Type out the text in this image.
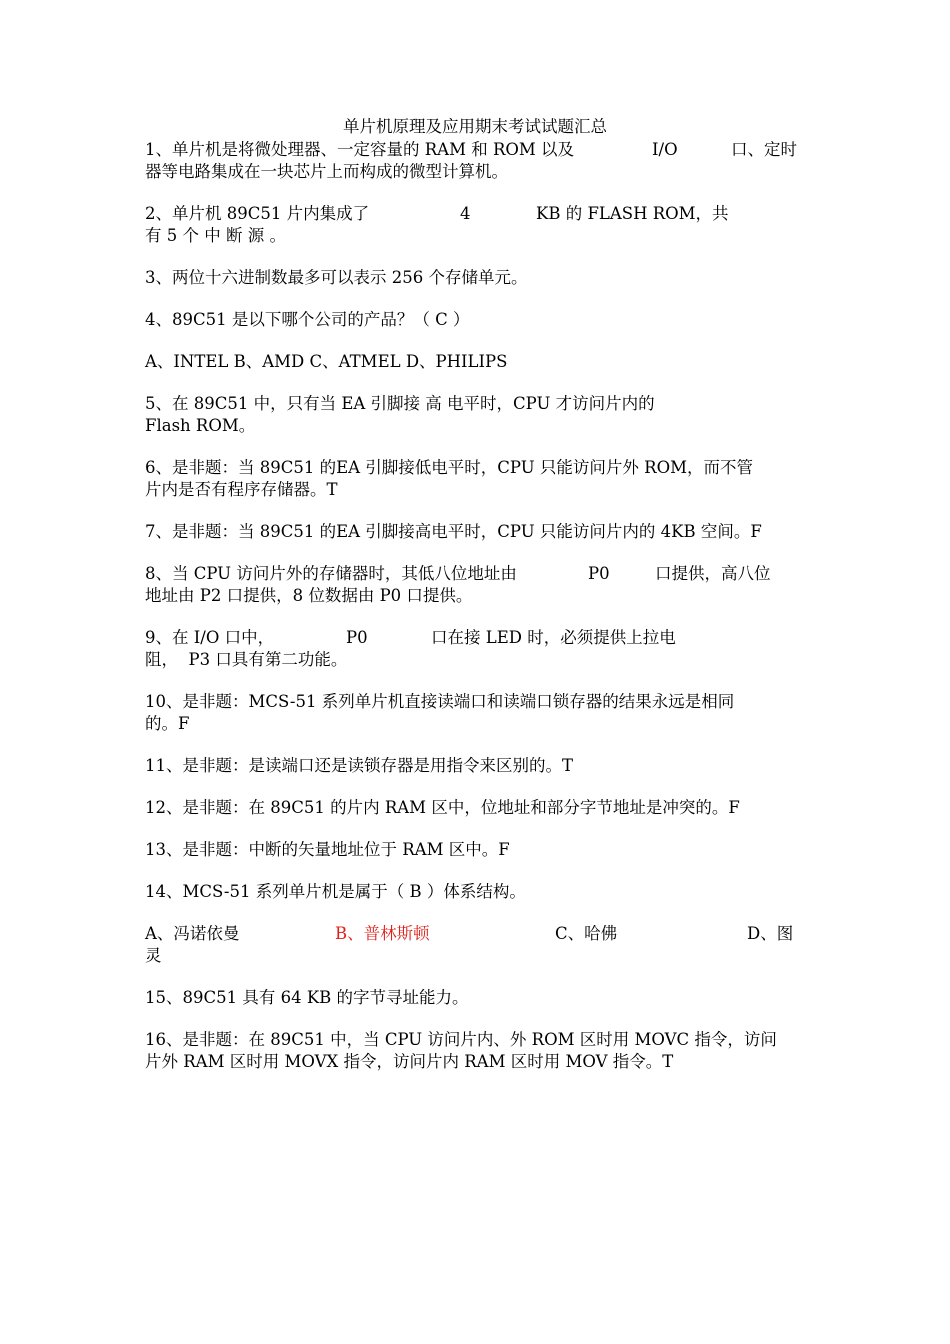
单片机原理及应用期末考试试题汇总
1、单片机是将微处理器、一定容量的 RAM 和 ROM 以及	I/O	口、定时
器等电路集成在一块芯片上而构成的微型计算机。
2、单片机 89C51 片内集成了	4	KB 的 FLASH ROM，共
有 5 个 中 断 源 。
3、两位十六进制数最多可以表示 256 个存储单元。
4、89C51 是以下哪个公司的产品？（ C ）
A、INTEL B、AMD C、ATMEL D、PHILIPS
5、在 89C51 中，只有当 EA 引脚接 高 电平时，CPU 才访问片内的
Flash ROM。
6、是非题：当 89C51 的EA 引脚接低电平时，CPU 只能访问片外 ROM，而不管
片内是否有程序存储器。T
7、是非题：当 89C51 的EA 引脚接高电平时，CPU 只能访问片内的 4KB 空间。F
8、当 CPU 访问片外的存储器时，其低八位地址由	P0	口提供，高八位
地址由 P2 口提供，8 位数据由 P0 口提供。
9、在 I/O 口中，	P0	口在接 LED 时，必须提供上拉电
阻，  P3 口具有第二功能。
10、是非题：MCS-51 系列单片机直接读端口和读端口锁存器的结果永远是相同
的。F
11、是非题：是读端口还是读锁存器是用指令来区别的。T
12、是非题：在 89C51 的片内 RAM 区中，位地址和部分字节地址是冲突的。F
13、是非题：中断的矢量地址位于 RAM 区中。F
14、MCS-51 系列单片机是属于（ B ）体系结构。
A、冯诺依曼	B、普林斯顿	C、哈佛	D、图
灵
15、89C51 具有 64 KB 的字节寻址能力。
16、是非题：在 89C51 中，当 CPU 访问片内、外 ROM 区时用 MOVC 指令，访问
片外 RAM 区时用 MOVX 指令，访问片内 RAM 区时用 MOV 指令。T
